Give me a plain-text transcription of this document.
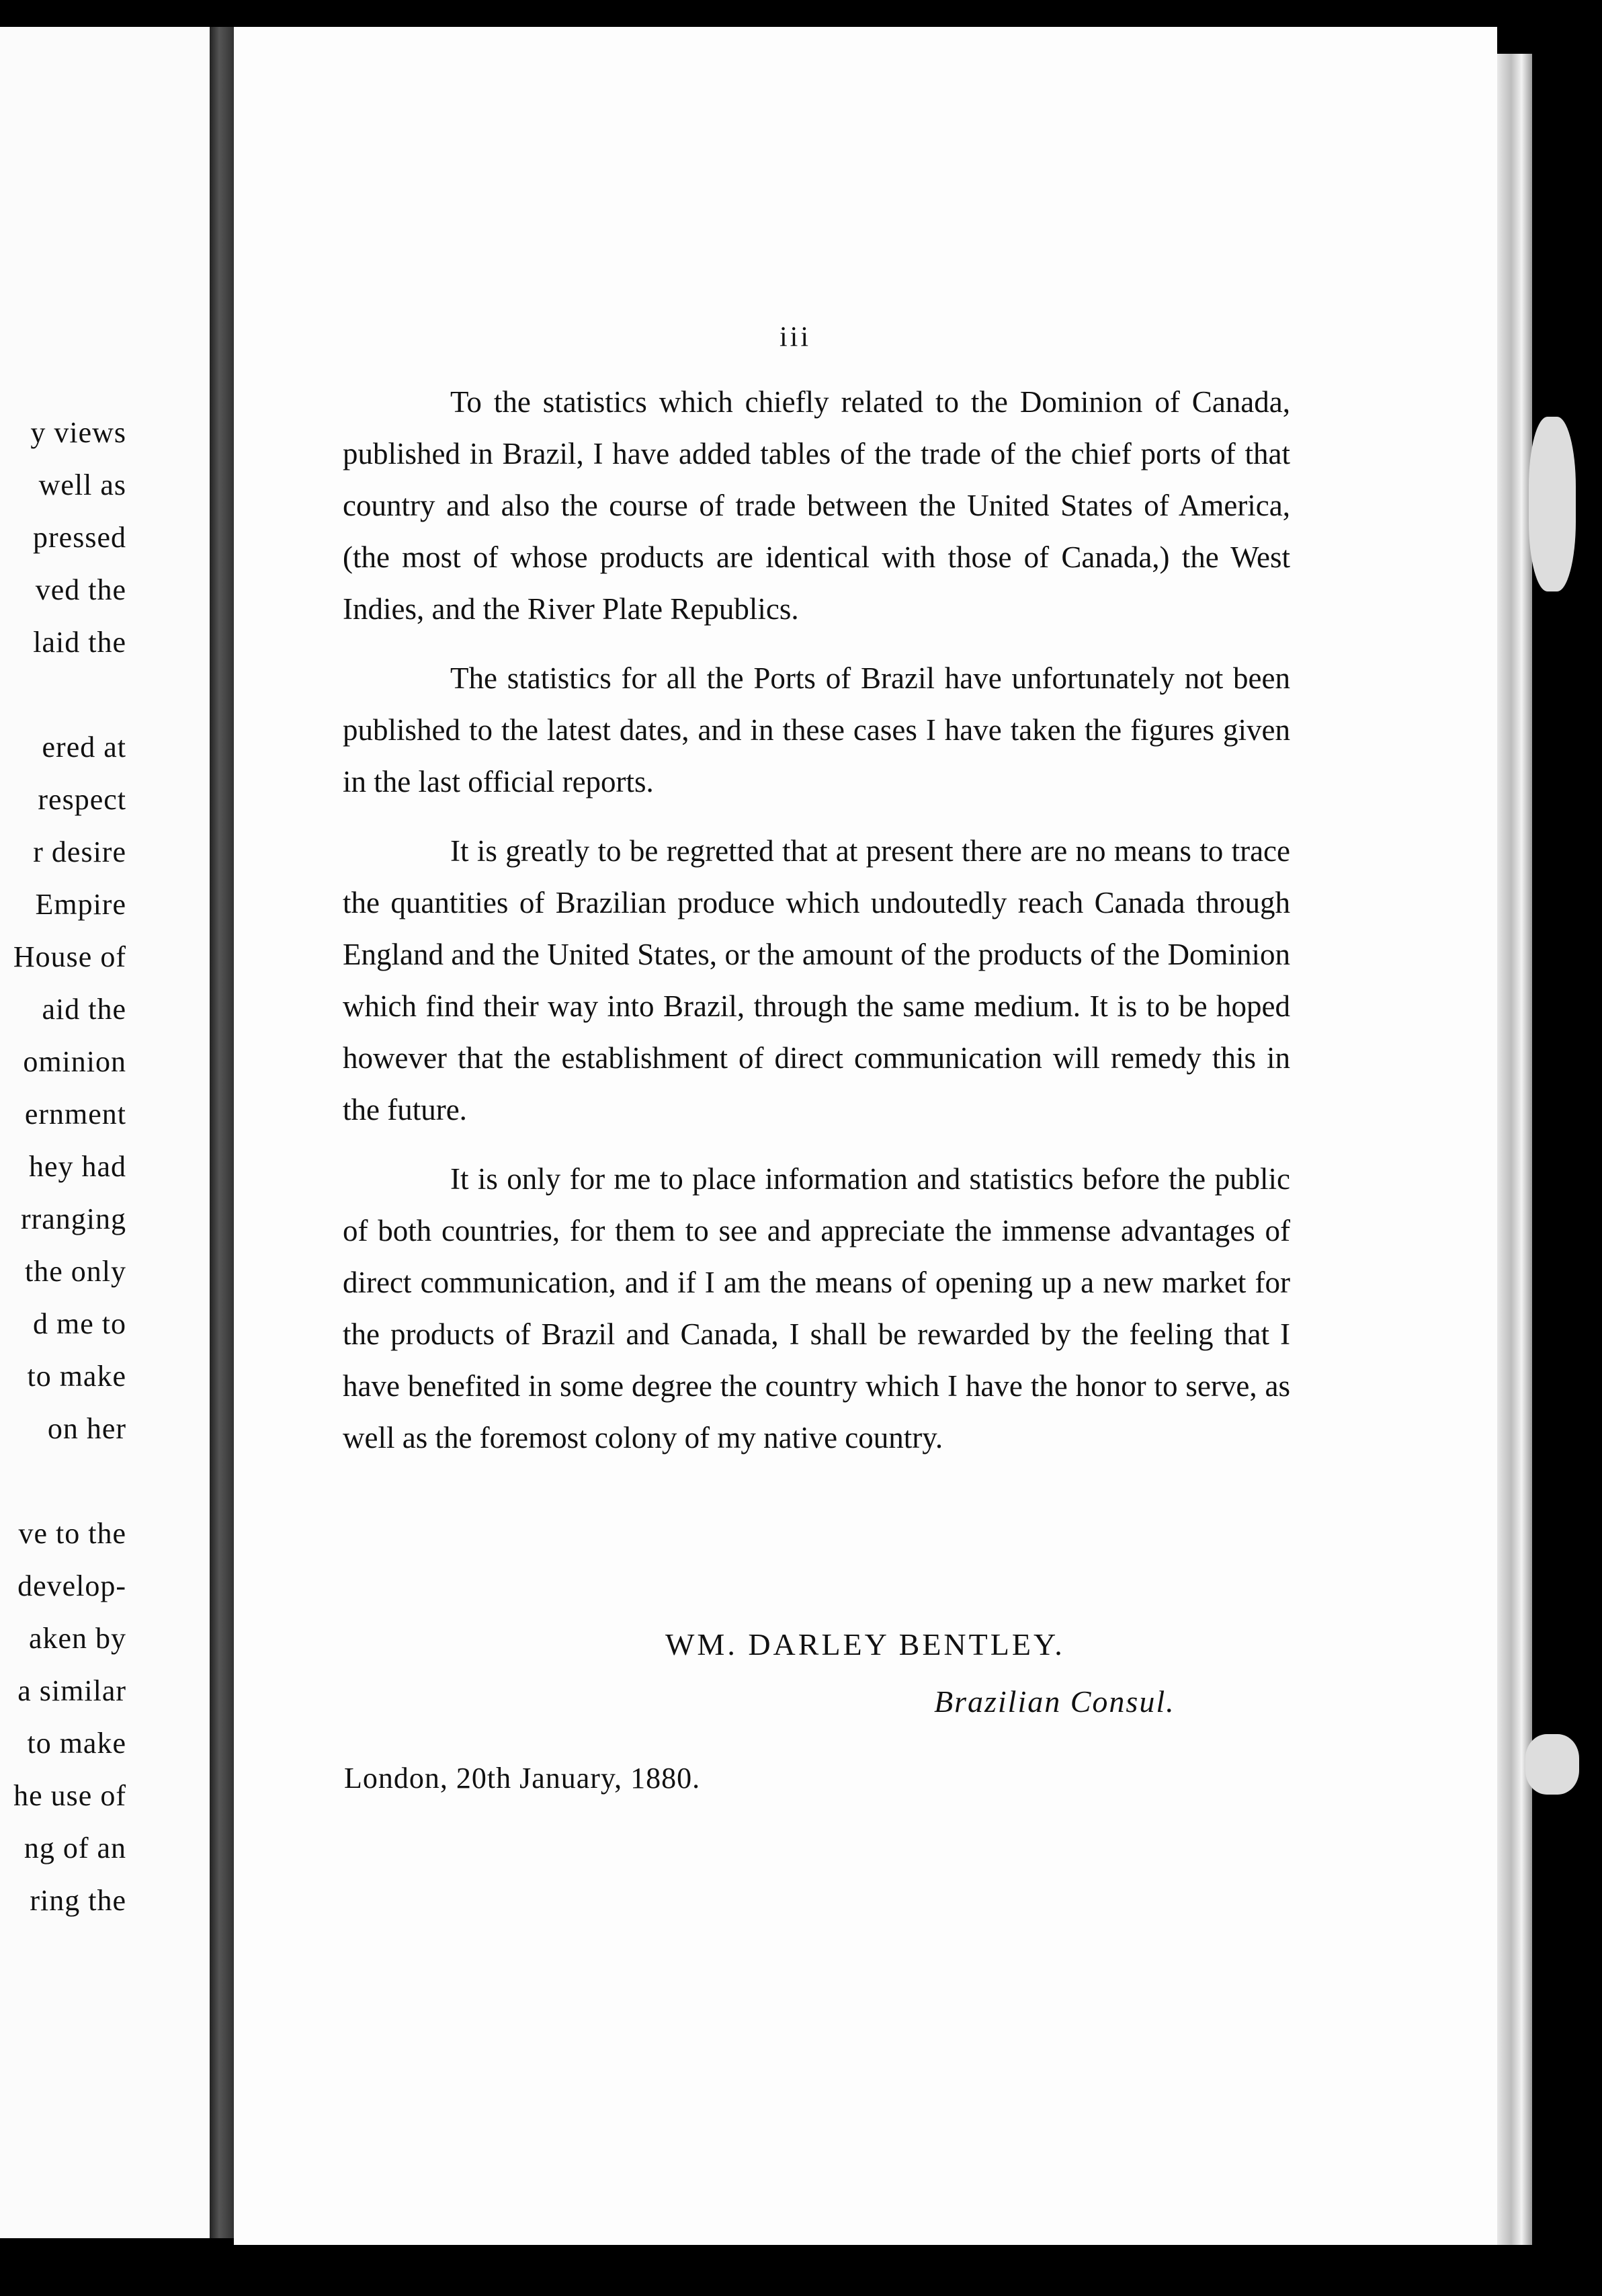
y views
well as
pressed
ved the
laid the
ered at
respect
r desire
Empire
House of
aid the
ominion
ernment
hey had
rranging
the only
d me to
to make
on her
ve to the
develop-
aken by
a similar
to make
he use of
ng of an
ring the
iii

To the statistics which chiefly related to the Dominion of Canada, published in Brazil, I have added tables of the trade of the chief ports of that country and also the course of trade between the United States of America, (the most of whose products are identical with those of Canada,) the West Indies, and the River Plate Republics.

The statistics for all the Ports of Brazil have unfortunately not been published to the latest dates, and in these cases I have taken the figures given in the last official reports.

It is greatly to be regretted that at present there are no means to trace the quantities of Brazilian produce which undoutedly reach Canada through England and the United States, or the amount of the products of the Dominion which find their way into Brazil, through the same medium. It is to be hoped however that the establishment of direct communication will remedy this in the future.

It is only for me to place information and statistics before the public of both countries, for them to see and appreciate the immense advantages of direct communication, and if I am the means of opening up a new market for the products of Brazil and Canada, I shall be rewarded by the feeling that I have benefited in some degree the country which I have the honor to serve, as well as the foremost colony of my native country.

WM. DARLEY BENTLEY.
Brazilian Consul.
London, 20th January, 1880.
